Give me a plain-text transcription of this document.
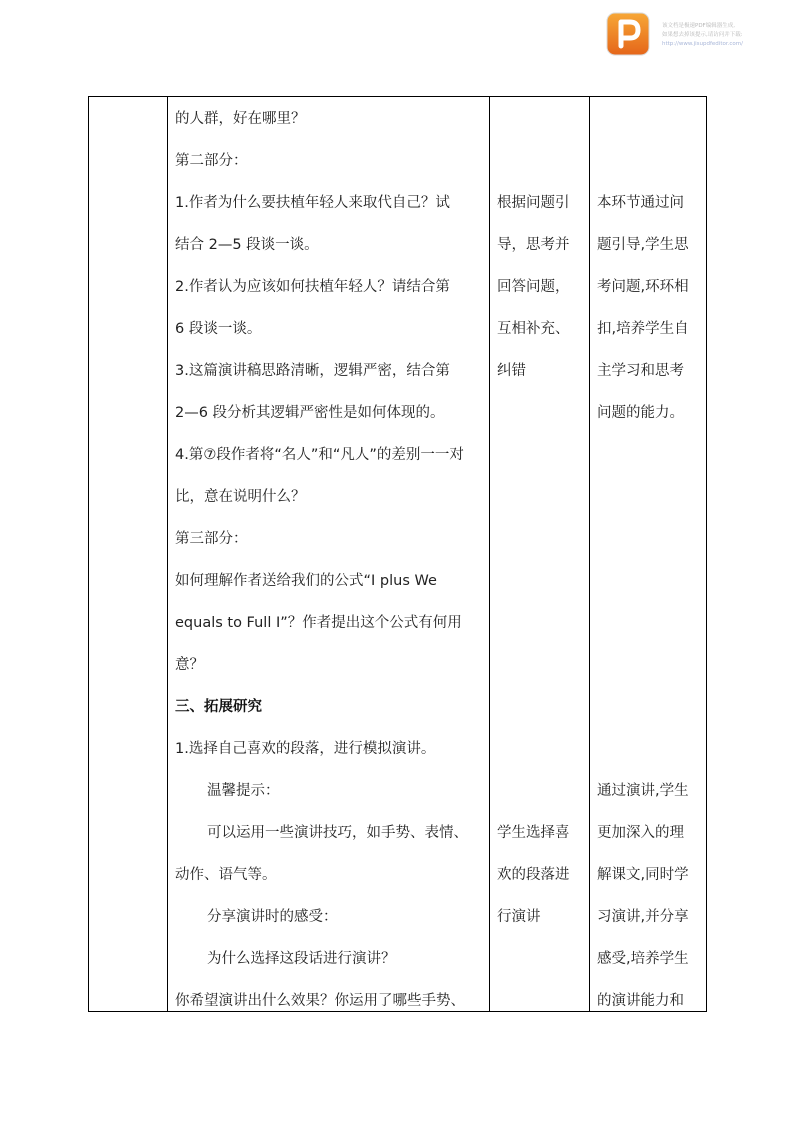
该文档是极速PDF编辑器生成,
如果想去掉该提示,请访问并下载:
http://www.jisupdfeditor.com/
的人群，好在哪里？
第二部分：
1.作者为什么要扶植年轻人来取代自己？试
结合 2—5 段谈一谈。
2.作者认为应该如何扶植年轻人？请结合第
6 段谈一谈。
3.这篇演讲稿思路清晰，逻辑严密，结合第
2—6 段分析其逻辑严密性是如何体现的。
4.第⑦段作者将“名人”和“凡人”的差别一一对
比，意在说明什么？
第三部分：
如何理解作者送给我们的公式“I plus We
equals to Full I”？作者提出这个公式有何用
意？
三、拓展研究
1.选择自己喜欢的段落，进行模拟演讲。
温馨提示：
可以运用一些演讲技巧，如手势、表情、
动作、语气等。
分享演讲时的感受：
为什么选择这段话进行演讲？
你希望演讲出什么效果？你运用了哪些手势、
根据问题引
导，思考并
回答问题，
互相补充、
纠错
学生选择喜
欢的段落进
行演讲
本环节通过问
题引导,学生思
考问题,环环相
扣,培养学生自
主学习和思考
问题的能力。
通过演讲,学生
更加深入的理
解课文,同时学
习演讲,并分享
感受,培养学生
的演讲能力和
